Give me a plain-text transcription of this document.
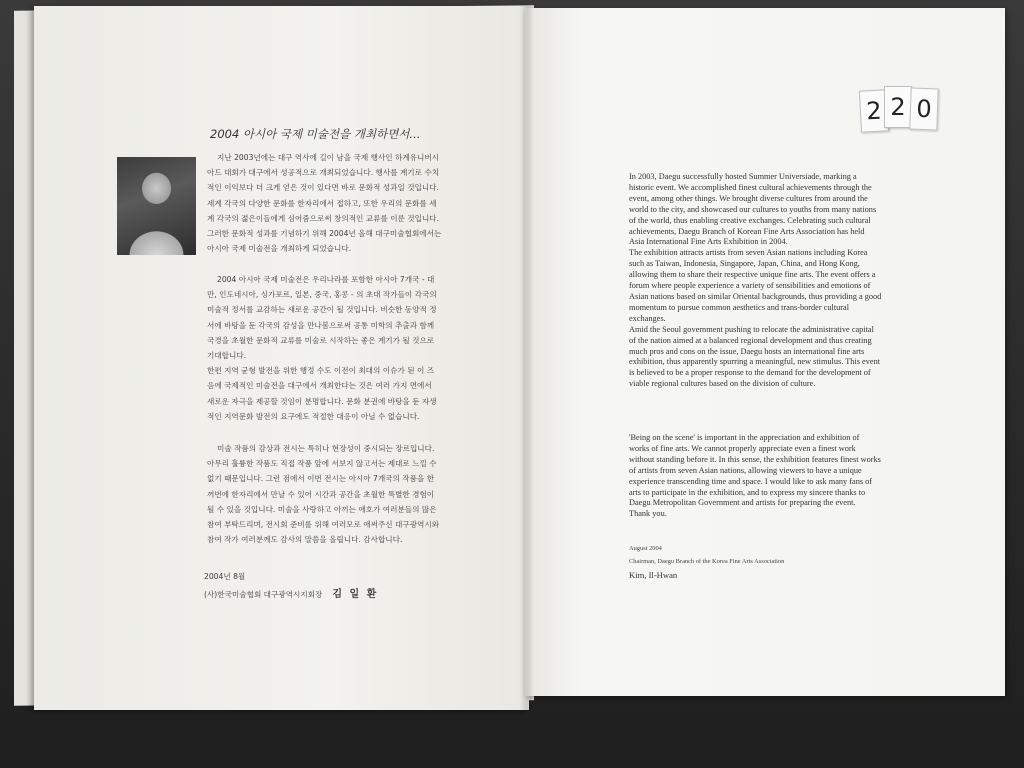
2 2 0
2004 아시아 국제 미술전을 개최하면서...
지난 2003년에는 대구 역사에 길이 남을 국제 행사인 하계유니버시
아드 대회가 대구에서 성공적으로 개최되었습니다. 행사를 계기로 수치
적인 이익보다 더 크게 얻은 것이 있다면 바로 문화적 성과일 것입니다.
세계 각국의 다양한 문화를 한자리에서 접하고, 또한 우리의 문화를 세
계 각국의 젊은이들에게 심어줌으로써 창의적인 교류를 이룬 것입니다.
그러한 문화적 성과를 기념하기 위해 2004년 올해 대구미술협회에서는
아시아 국제 미술전을 개최하게 되었습니다.
2004 아시아 국제 미술전은 우리나라를 포함한 아시아 7개국 - 대
만, 인도네시아, 싱가포르, 일본, 중국, 홍콩 - 의 초대 작가들이 각국의
미술적 정서를 교감하는 새로운 공간이 될 것입니다. 비슷한 동양적 정
서에 바탕을 둔 각국의 감성을 만나봄으로써 공통 미학의 추출과 함께
국경을 초월한 문화적 교류를 미술로 시작하는 좋은 계기가 될 것으로
기대합니다.
한편 지역 균형 발전을 위한 행정 수도 이전이 최대의 이슈가 된 이 즈
음에 국제적인 미술전을 대구에서 개최한다는 것은 여러 가지 면에서
새로운 자극을 제공할 것임이 분명합니다. 문화 분권에 바탕을 둔 자생
적인 지역문화 발전의 요구에도 적절한 대응이 아닐 수 없습니다.
미술 작품의 감상과 전시는 특히나 현장성이 중시되는 장르입니다.
아무리 훌륭한 작품도 직접 작품 앞에 서보지 않고서는 제대로 느낄 수
없기 때문입니다. 그런 점에서 이번 전시는 아시아 7개국의 작품을 한
꺼번에 한자리에서 만날 수 있어 시간과 공간을 초월한 특별한 경험이
될 수 있을 것입니다. 미술을 사랑하고 아끼는 애호가 여러분들의 많은
참여 부탁드리며, 전시회 준비를 위해 여러모로 애써주신 대구광역시와
참여 작가 여러분께도 감사의 말씀을 올립니다. 감사합니다.
2004년 8월
(사)한국미술협회 대구광역시지회장 김 일 환
In 2003, Daegu successfully hosted Summer Universiade, marking a
historic event. We accomplished finest cultural achievements through the
event, among other things. We brought diverse cultures from around the
world to the city, and showcased our cultures to youths from many nations
of the world, thus enabling creative exchanges. Celebrating such cultural
achievements, Daegu Branch of Korean Fine Arts Association has held
Asia International Fine Arts Exhibition in 2004.
The exhibition attracts artists from seven Asian nations including Korea
such as Taiwan, Indonesia, Singapore, Japan, China, and Hong Kong,
allowing them to share their respective unique fine arts. The event offers a
forum where people experience a variety of sensibilities and emotions of
Asian nations based on similar Oriental backgrounds, thus providing a good
momentum to pursue common aesthetics and trans-border cultural
exchanges.
Amid the Seoul government pushing to relocate the administrative capital
of the nation aimed at a balanced regional development and thus creating
much pros and cons on the issue, Daegu hosts an international fine arts
exhibition, thus apparently spurring a meaningful, new stimulus. This event
is believed to be a proper response to the demand for the development of
viable regional cultures based on the division of culture.
'Being on the scene' is important in the appreciation and exhibition of
works of fine arts. We cannot properly appreciate even a finest work
without standing before it. In this sense, the exhibition features finest works
of artists from seven Asian nations, allowing viewers to have a unique
experience transcending time and space. I would like to ask many fans of
arts to participate in the exhibition, and to express my sincere thanks to
Daegu Metropolitan Government and artists for preparing the event.
Thank you.
August 2004
Chairman, Daegu Branch of the Korea Fine Arts Association
Kim, Il-Hwan
